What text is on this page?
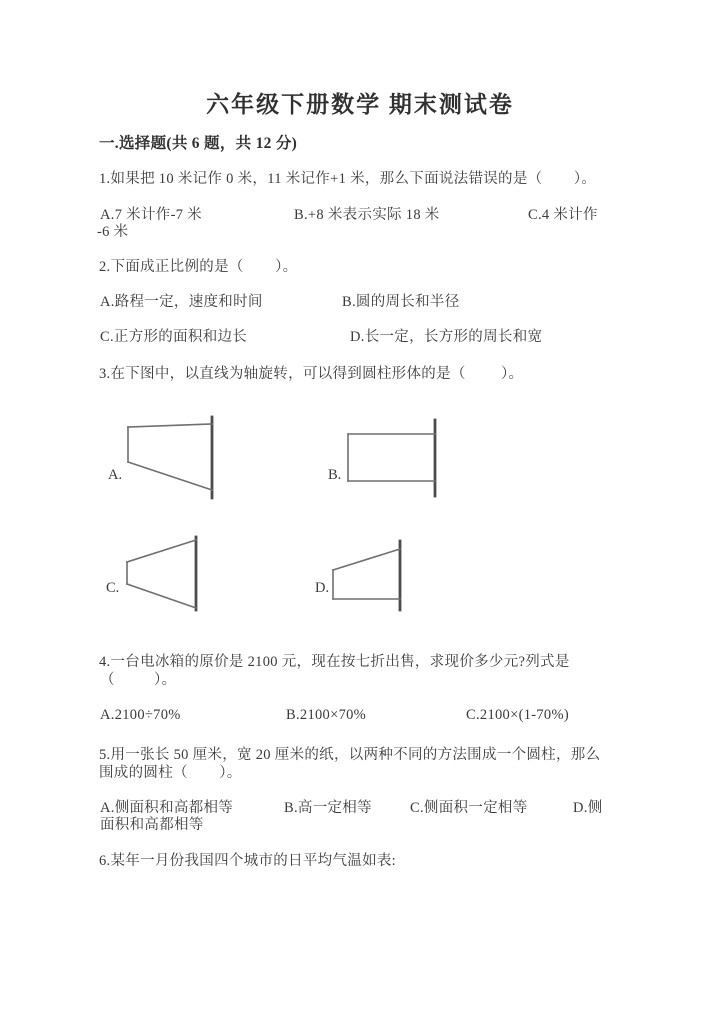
六年级下册数学 期末测试卷
一.选择题(共 6 题，共 12 分)
1.如果把 10 米记作 0 米，11 米记作+1 米，那么下面说法错误的是（        ）。
A.7 米计作-7 米	B.+8 米表示实际 18 米	C.4 米计作
-6 米
2.下面成正比例的是（        ）。
A.路程一定，速度和时间	B.圆的周长和半径
C.正方形的面积和边长	D.长一定，长方形的周长和宽
3.在下图中，以直线为轴旋转，可以得到圆柱形体的是（         ）。
A.	B.
C.	D.
4.一台电冰箱的原价是 2100 元，现在按七折出售，求现价多少元?列式是
（          ）。
A.2100÷70%	B.2100×70%	C.2100×(1-70%)
5.用一张长 50 厘米，宽 20 厘米的纸，以两种不同的方法围成一个圆柱，那么
围成的圆柱（        ）。
A.侧面积和高都相等	B.高一定相等	C.侧面积一定相等	D.侧
面积和高都相等
6.某年一月份我国四个城市的日平均气温如表:
